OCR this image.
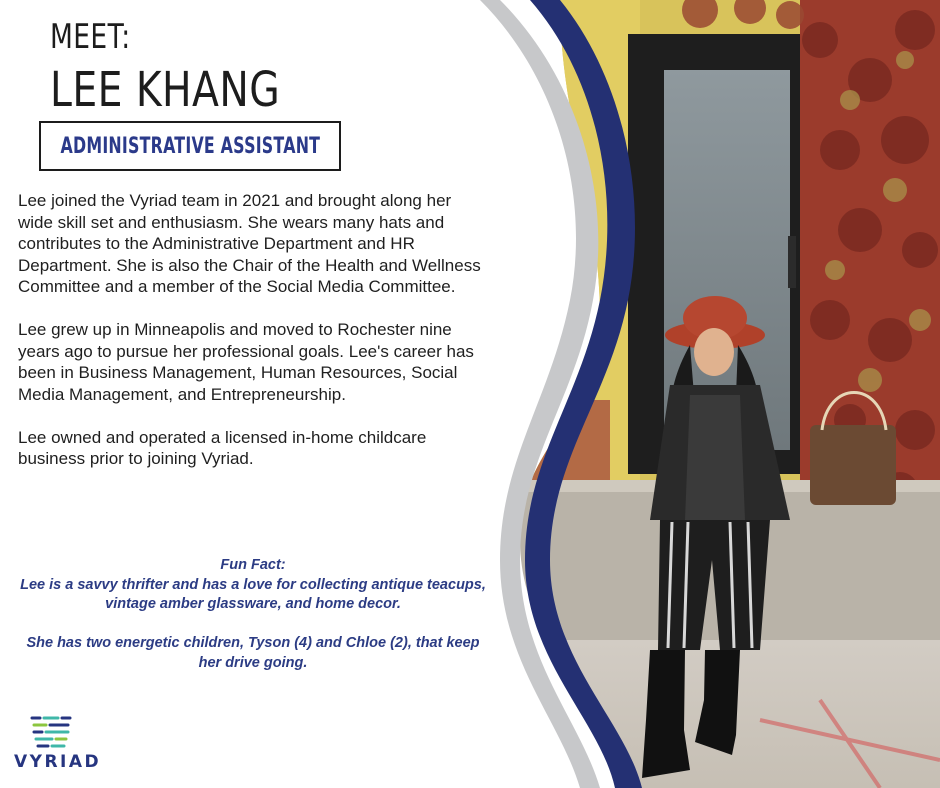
MEET:
LEE KHANG
ADMINISTRATIVE ASSISTANT

Lee joined the Vyriad team in 2021 and brought along her wide skill set and enthusiasm. She wears many hats and contributes to the Administrative Department and HR Department. She is also the Chair of the Health and Wellness Committee and a member of the Social Media Committee.

Lee grew up in Minneapolis and moved to Rochester nine years ago to pursue her professional goals. Lee's career has been in Business Management, Human Resources, Social Media Management, and Entrepreneurship.

Lee owned and operated a licensed in-home childcare business prior to joining Vyriad.

Fun Fact:

Lee is a savvy thrifter and has a love for collecting antique teacups, vintage amber glassware, and home decor.

She has two energetic children, Tyson (4) and Chloe (2), that keep her drive going.

VYRIAD
